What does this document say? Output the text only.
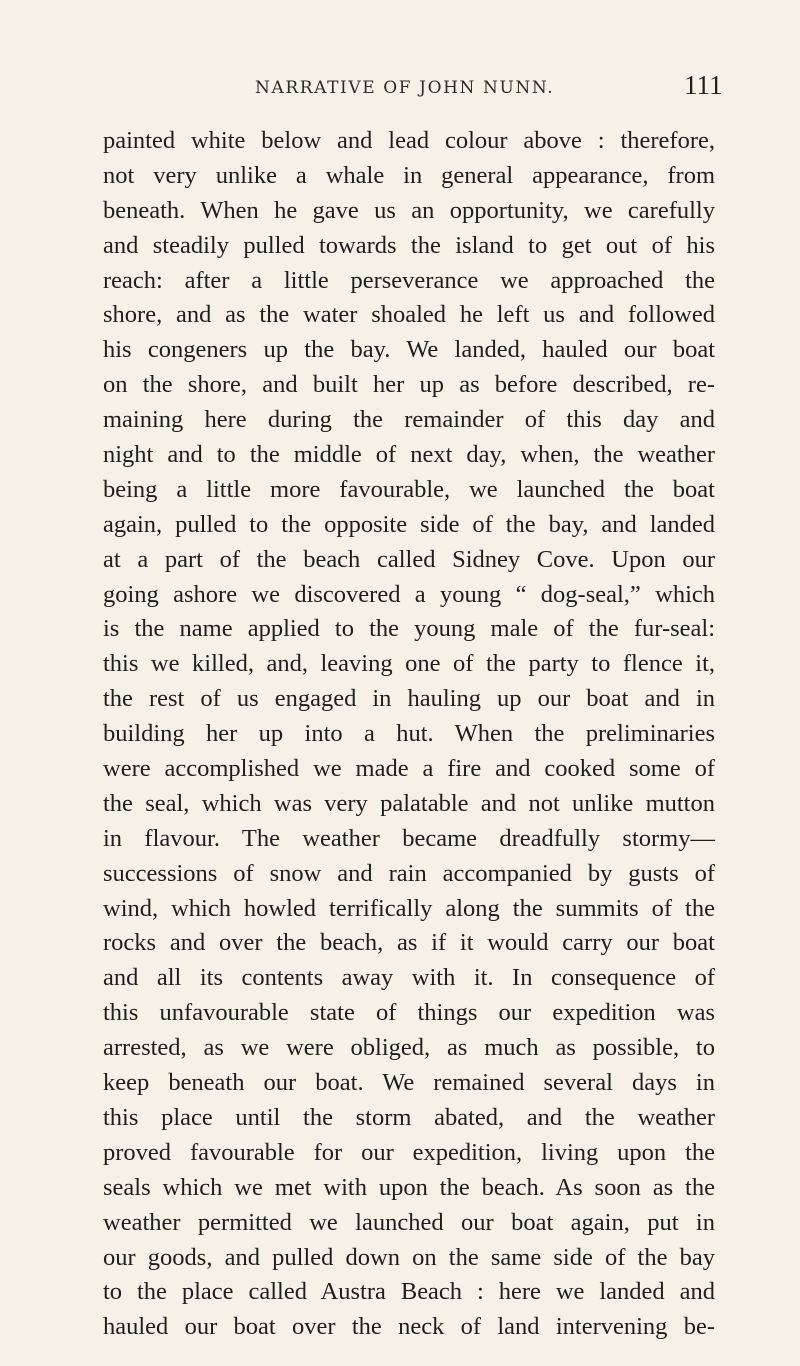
NARRATIVE OF JOHN NUNN.	111
painted white below and lead colour above : therefore,
not very unlike a whale in general appearance, from
beneath. When he gave us an opportunity, we carefully
and steadily pulled towards the island to get out of his
reach: after a little perseverance we approached the
shore, and as the water shoaled he left us and followed
his congeners up the bay. We landed, hauled our boat
on the shore, and built her up as before described, re-
maining here during the remainder of this day and
night and to the middle of next day, when, the weather
being a little more favourable, we launched the boat
again, pulled to the opposite side of the bay, and landed
at a part of the beach called Sidney Cove. Upon our
going ashore we discovered a young “ dog-seal,” which
is the name applied to the young male of the fur-seal:
this we killed, and, leaving one of the party to flence it,
the rest of us engaged in hauling up our boat and in
building her up into a hut. When the preliminaries
were accomplished we made a fire and cooked some of
the seal, which was very palatable and not unlike mutton
in flavour. The weather became dreadfully stormy—
successions of snow and rain accompanied by gusts of
wind, which howled terrifically along the summits of the
rocks and over the beach, as if it would carry our boat
and all its contents away with it. In consequence of
this unfavourable state of things our expedition was
arrested, as we were obliged, as much as possible, to
keep beneath our boat. We remained several days in
this place until the storm abated, and the weather
proved favourable for our expedition, living upon the
seals which we met with upon the beach. As soon as the
weather permitted we launched our boat again, put in
our goods, and pulled down on the same side of the bay
to the place called Austra Beach : here we landed and
hauled our boat over the neck of land intervening be-
